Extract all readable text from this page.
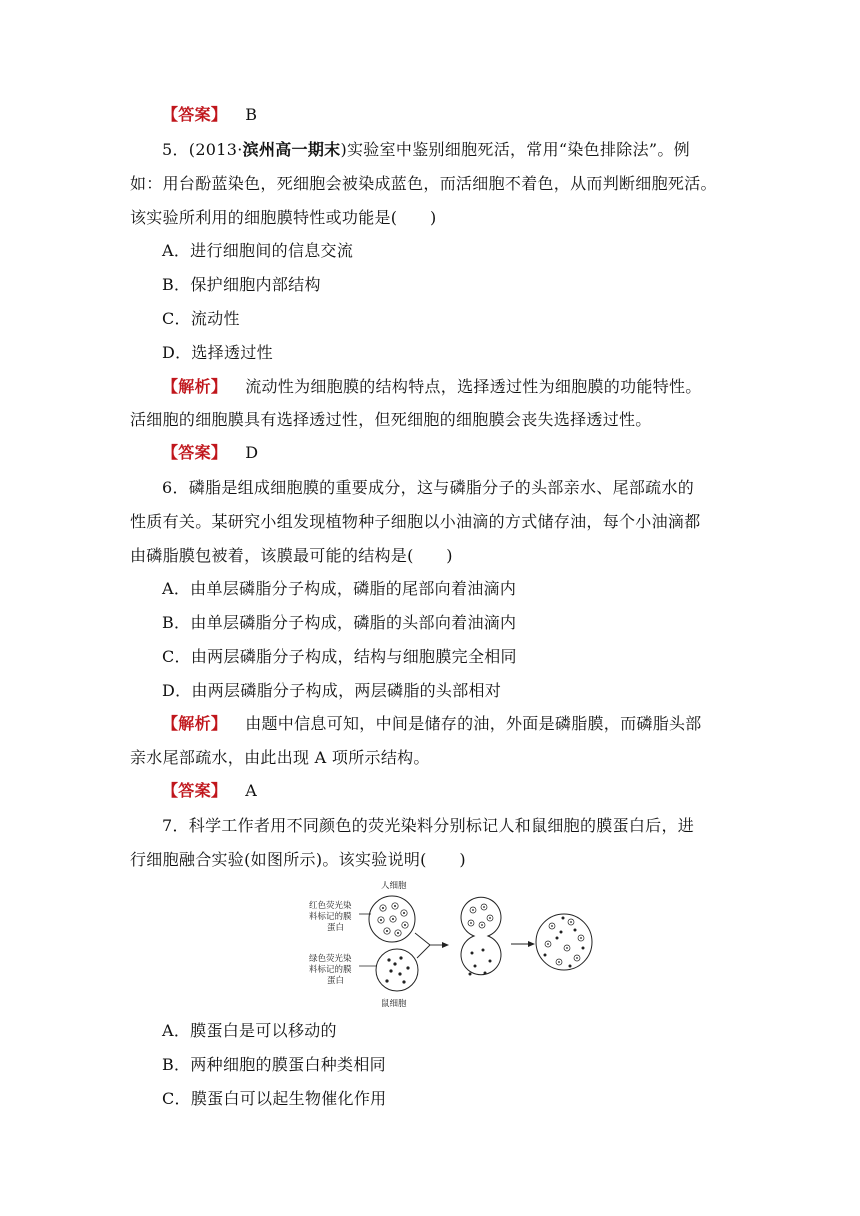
【答案】 B
5．(2013·滨州高一期末)实验室中鉴别细胞死活，常用“染色排除法”。例
如：用台酚蓝染色，死细胞会被染成蓝色，而活细胞不着色，从而判断细胞死活。
该实验所利用的细胞膜特性或功能是(　　)
A．进行细胞间的信息交流
B．保护细胞内部结构
C．流动性
D．选择透过性
【解析】 流动性为细胞膜的结构特点，选择透过性为细胞膜的功能特性。
活细胞的细胞膜具有选择透过性，但死细胞的细胞膜会丧失选择透过性。
【答案】 D
6．磷脂是组成细胞膜的重要成分，这与磷脂分子的头部亲水、尾部疏水的
性质有关。某研究小组发现植物种子细胞以小油滴的方式储存油，每个小油滴都
由磷脂膜包被着，该膜最可能的结构是(　　)
A．由单层磷脂分子构成，磷脂的尾部向着油滴内
B．由单层磷脂分子构成，磷脂的头部向着油滴内
C．由两层磷脂分子构成，结构与细胞膜完全相同
D．由两层磷脂分子构成，两层磷脂的头部相对
【解析】 由题中信息可知，中间是储存的油，外面是磷脂膜，而磷脂头部
亲水尾部疏水，由此出现 A 项所示结构。
【答案】 A
7．科学工作者用不同颜色的荧光染料分别标记人和鼠细胞的膜蛋白后，进
行细胞融合实验(如图所示)。该实验说明(　　)
人细胞
红色荧光染
料标记的膜
蛋白
绿色荧光染
料标记的膜
蛋白
鼠细胞
A．膜蛋白是可以移动的
B．两种细胞的膜蛋白种类相同
C．膜蛋白可以起生物催化作用
